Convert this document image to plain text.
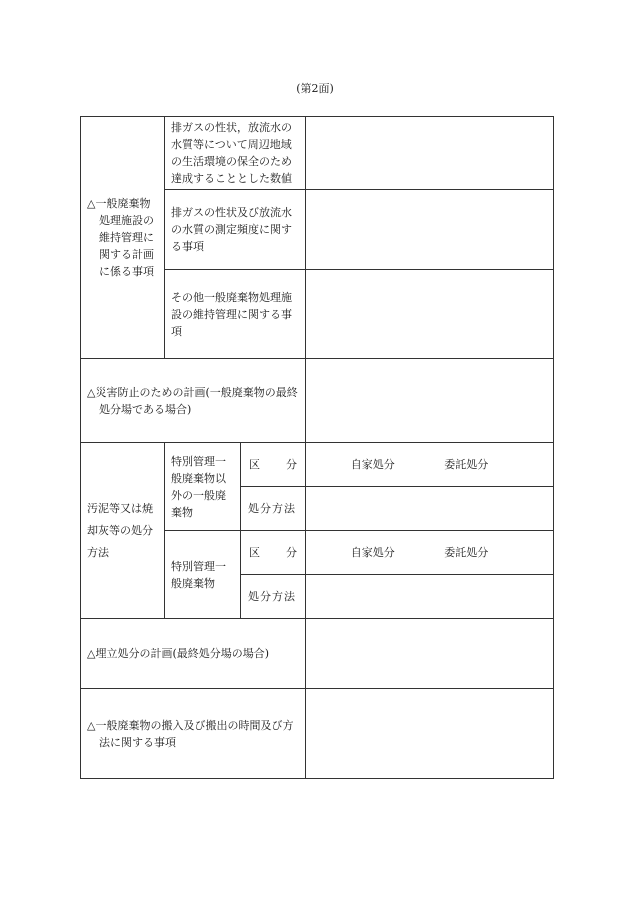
(第2面)
△一般廃棄物処理施設の維持管理に関する計画に係る事項	排ガスの性状，放流水の水質等について周辺地域の生活環境の保全のため達成することとした数値		

	排ガスの性状及び放流水の水質の測定頻度に関する事項		

	その他一般廃棄物処理施設の維持管理に関する事項		

△災害防止のための計画(一般廃棄物の最終処分場である場合)			

汚泥等又は焼却灰等の処分方法	特別管理一般廃棄物以外の一般廃棄物	区 分	自家処分 委託処分

		処分方法	

	特別管理一般廃棄物	区 分	自家処分 委託処分

		処分方法	

△埋立処分の計画(最終処分場の場合)			

△一般廃棄物の搬入及び搬出の時間及び方法に関する事項			
